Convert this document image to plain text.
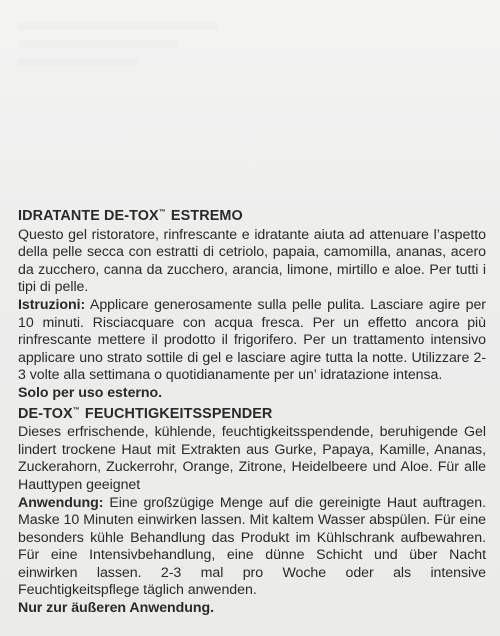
IDRATANTE DE-TOX™ ESTREMO

Questo gel ristoratore, rinfrescante e idratante aiuta ad attenuare l’aspetto della pelle secca con estratti di cetriolo, papaia, camomilla, ananas, acero da zucchero, canna da zucchero, arancia, limone, mirtillo e aloe. Per tutti i tipi di pelle.

Istruzioni: Applicare generosamente sulla pelle pulita. Lasciare agire per 10 minuti. Risciacquare con acqua fresca. Per un effetto ancora più rinfrescante mettere il prodotto il frigorifero. Per un trattamento intensivo applicare uno strato sottile di gel e lasciare agire tutta la notte. Utilizzare 2-3 volte alla settimana o quotidianamente per un’ idratazione intensa.

Solo per uso esterno.

DE-TOX™ FEUCHTIGKEITSSPENDER

Dieses erfrischende, kühlende, feuchtigkeitsspendende, beruhigende Gel lindert trockene Haut mit Extrakten aus Gurke, Papaya, Kamille, Ananas, Zuckerahorn, Zuckerrohr, Orange, Zitrone, Heidelbeere und Aloe. Für alle Hauttypen geeignet

Anwendung: Eine großzügige Menge auf die gereinigte Haut auftragen. Maske 10 Minuten einwirken lassen. Mit kaltem Wasser abspülen. Für eine besonders kühle Behandlung das Produkt im Kühlschrank aufbewahren. Für eine Intensivbehandlung, eine dünne Schicht und über Nacht einwirken lassen. 2-3 mal pro Woche oder als intensive Feuchtigkeitspflege täglich anwenden.

Nur zur äußeren Anwendung.
